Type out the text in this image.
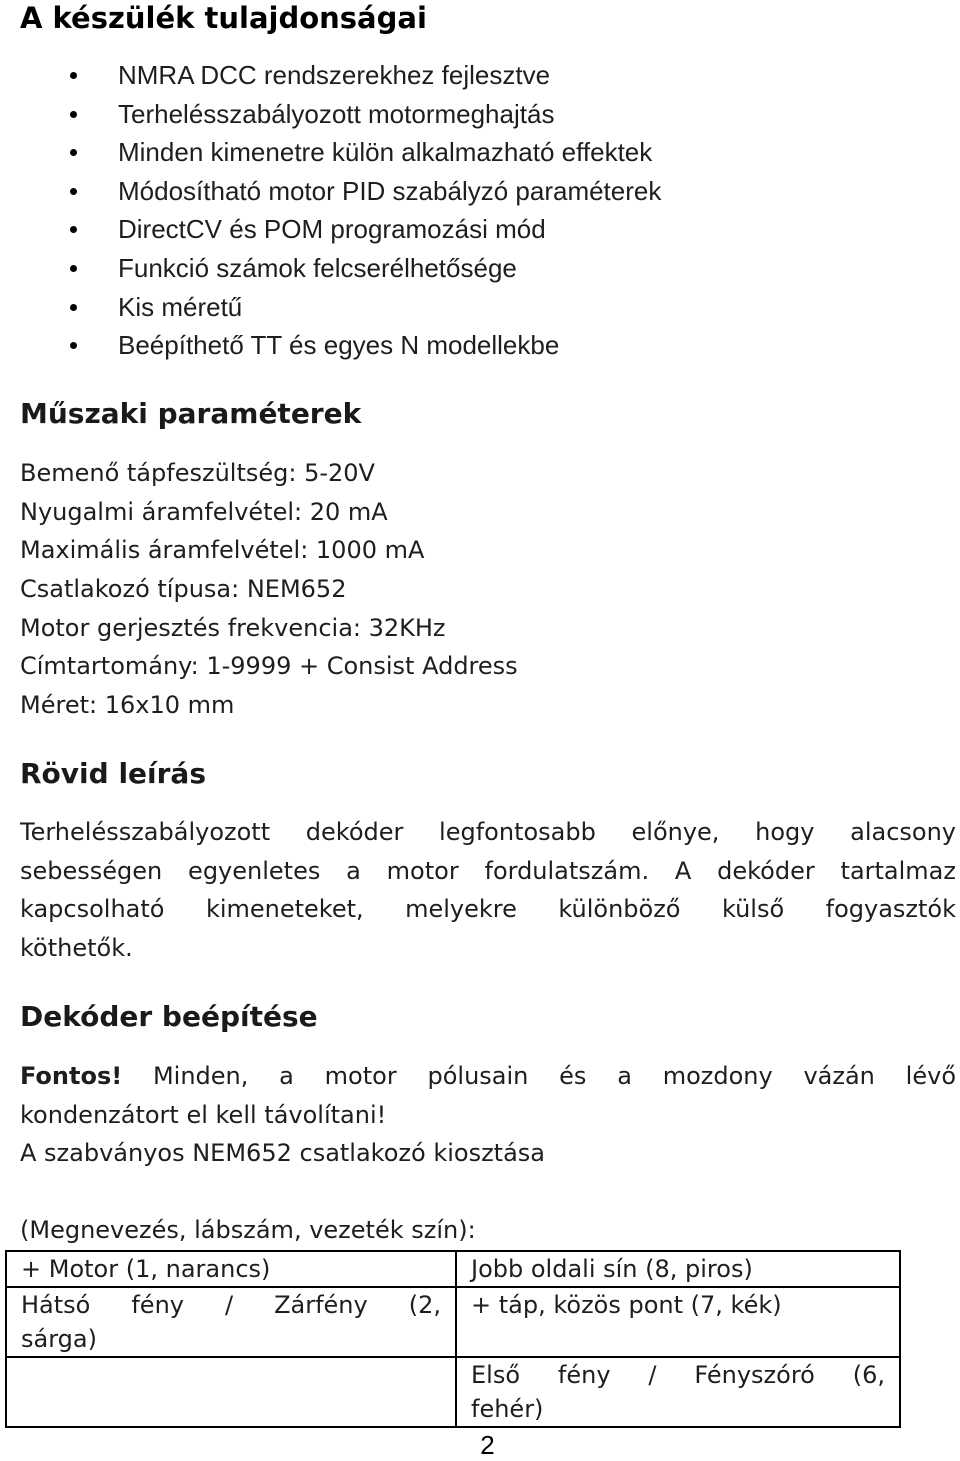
A készülék tulajdonságai
NMRA DCC rendszerekhez fejlesztve
Terhelésszabályozott motormeghajtás
Minden kimenetre külön alkalmazható effektek
Módosítható motor PID szabályzó paraméterek
DirectCV és POM programozási mód
Funkció számok felcserélhetősége
Kis méretű
Beépíthető TT és egyes N modellekbe
Műszaki paraméterek
Bemenő tápfeszültség: 5-20V
Nyugalmi áramfelvétel: 20 mA
Maximális áramfelvétel: 1000 mA
Csatlakozó típusa: NEM652
Motor gerjesztés frekvencia: 32KHz
Címtartomány: 1-9999 + Consist Address
Méret: 16x10 mm
Rövid leírás
Terhelésszabályozott dekóder legfontosabb előnye, hogy alacsony
sebességen egyenletes a motor fordulatszám. A dekóder tartalmaz
kapcsolható kimeneteket, melyekre különböző külső fogyasztók
köthetők.
Dekóder beépítése
Fontos! Minden, a motor pólusain és a mozdony vázán lévő
kondenzátort el kell távolítani!
A szabványos NEM652 csatlakozó kiosztása
(Megnevezés, lábszám, vezeték szín):
+ Motor (1, narancs)	Jobb oldali sín (8, piros)

Hátsó fény / Zárfény (2,
sárga)	+ táp, közös pont (7, kék)

	Első fény / Fényszóró (6,
fehér)
2
